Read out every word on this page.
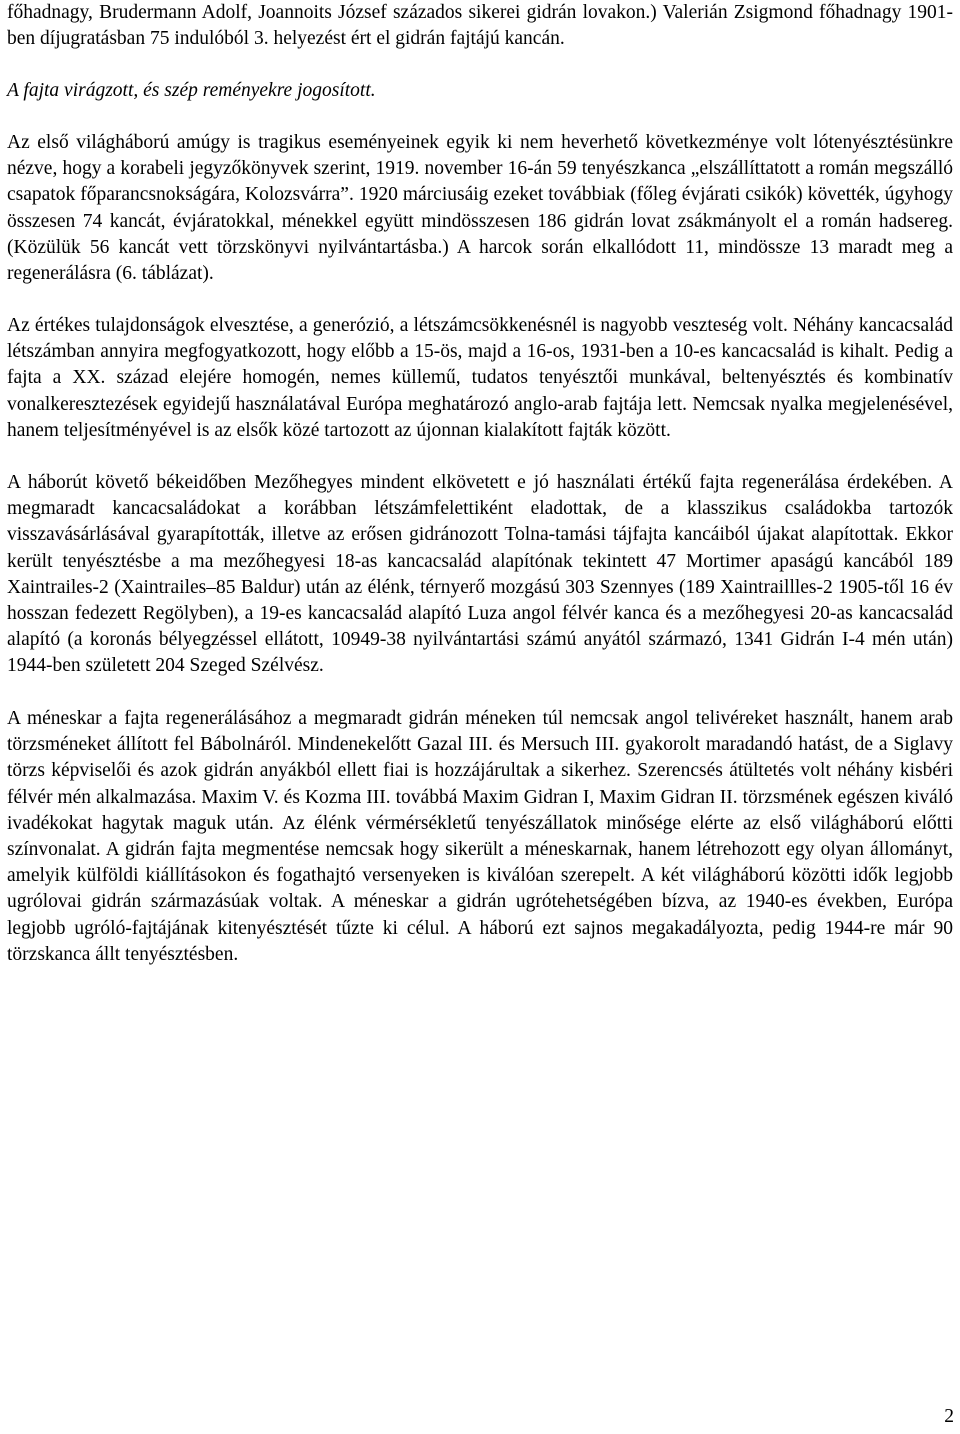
főhadnagy, Brudermann Adolf, Joannoits József százados sikerei gidrán lovakon.) Valerián Zsigmond főhadnagy 1901-ben díjugratásban 75 indulóból 3. helyezést ért el gidrán fajtájú kancán.

A fajta virágzott, és szép reményekre jogosított.

Az első világháború amúgy is tragikus eseményeinek egyik ki nem heverhető következménye volt lótenyésztésünkre nézve, hogy a korabeli jegyzőkönyvek szerint, 1919. november 16-án 59 tenyészkanca „elszállíttatott a román megszálló csapatok főparancsnokságára, Kolozsvárra”. 1920 márciusáig ezeket továbbiak (főleg évjárati csikók) követték, úgyhogy összesen 74 kancát, évjáratokkal, ménekkel együtt mindösszesen 186 gidrán lovat zsákmányolt el a román hadsereg. (Közülük 56 kancát vett törzskönyvi nyilvántartásba.) A harcok során elkallódott 11, mindössze 13 maradt meg a regenerálásra (6. táblázat).

Az értékes tulajdonságok elvesztése, a generózió, a létszámcsökkenésnél is nagyobb veszteség volt. Néhány kancacsalád létszámban annyira megfogyatkozott, hogy előbb a 15-ös, majd a 16-os, 1931-ben a 10-es kancacsalád is kihalt. Pedig a fajta a XX. század elejére homogén, nemes küllemű, tudatos tenyésztői munkával, beltenyésztés és kombinatív vonalkeresztezések egyidejű használatával Európa meghatározó anglo-arab fajtája lett. Nemcsak nyalka megjelenésével, hanem teljesítményével is az elsők közé tartozott az újonnan kialakított fajták között.

A háborút követő békeidőben Mezőhegyes mindent elkövetett e jó használati értékű fajta regenerálása érdekében. A megmaradt kancacsaládokat a korábban létszámfelettiként eladottak, de a klasszikus családokba tartozók visszavásárlásával gyarapították, illetve az erősen gidránozott Tolna-tamási tájfajta kancáiból újakat alapítottak. Ekkor került tenyésztésbe a ma mezőhegyesi 18-as kancacsalád alapítónak tekintett 47 Mortimer apaságú kancából 189 Xaintrailes-2 (Xaintrailes–85 Baldur) után az élénk, térnyerő mozgású 303 Szennyes (189 Xaintraillles-2 1905-től 16 év hosszan fedezett Regölyben), a 19-es kancacsalád alapító Luza angol félvér kanca és a mezőhegyesi 20-as kancacsalád alapító (a koronás bélyegzéssel ellátott, 10949-38 nyilvántartási számú anyától származó, 1341 Gidrán I-4 mén után) 1944-ben született 204 Szeged Szélvész.

A méneskar a fajta regenerálásához a megmaradt gidrán méneken túl nemcsak angol telivéreket használt, hanem arab törzsméneket állított fel Bábolnáról. Mindenekelőtt Gazal III. és Mersuch III. gyakorolt maradandó hatást, de a Siglavy törzs képviselői és azok gidrán anyákból ellett fiai is hozzájárultak a sikerhez. Szerencsés átültetés volt néhány kisbéri félvér mén alkalmazása. Maxim V. és Kozma III. továbbá Maxim Gidran I, Maxim Gidran II. törzsmének egészen kiváló ivadékokat hagytak maguk után. Az élénk vérmérsékletű tenyészállatok minősége elérte az első világháború előtti színvonalat. A gidrán fajta megmentése nemcsak hogy sikerült a méneskarnak, hanem létrehozott egy olyan állományt, amelyik külföldi kiállításokon és fogathajtó versenyeken is kiválóan szerepelt. A két világháború közötti idők legjobb ugrólovai gidrán származásúak voltak. A méneskar a gidrán ugrótehetségében bízva, az 1940-es években, Európa legjobb ugróló-fajtájának kitenyésztését tűzte ki célul. A háború ezt sajnos megakadályozta, pedig 1944-re már 90 törzskanca állt tenyésztésben.

2
